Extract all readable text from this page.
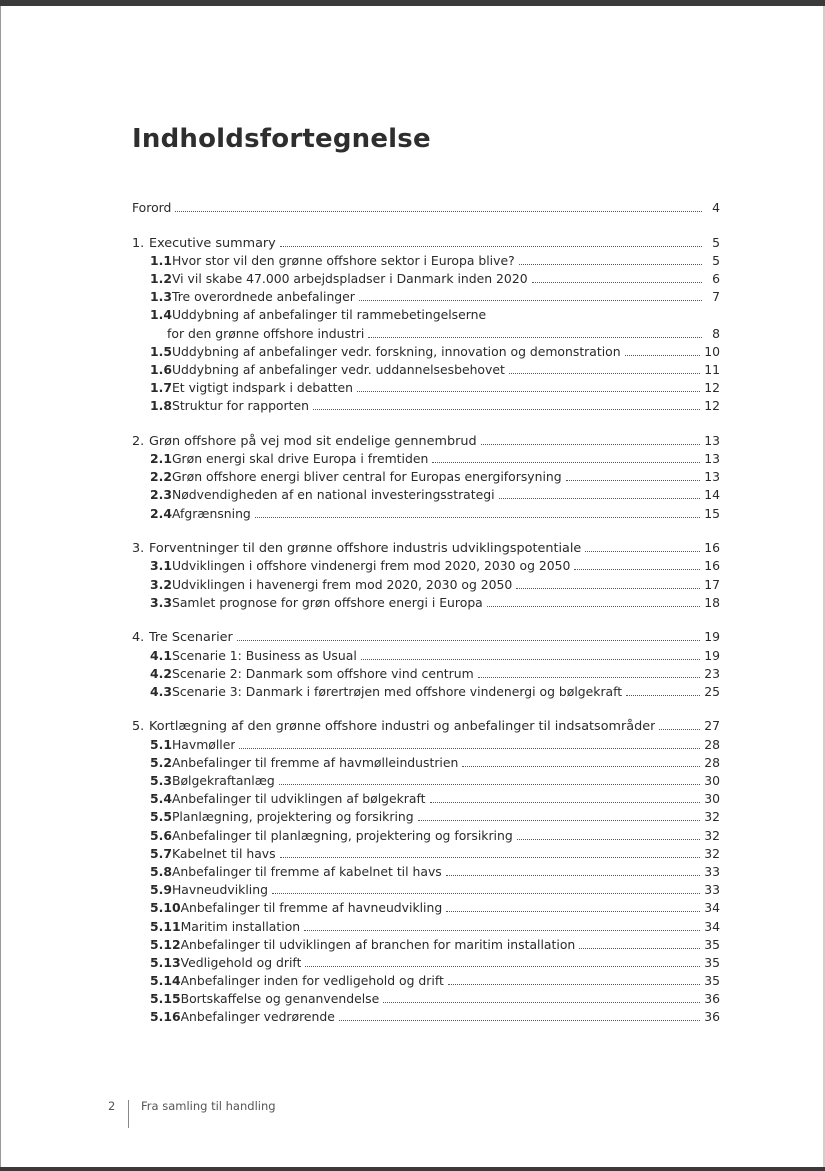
Indholdsfortegnelse
Forord	4
1. Executive summary	5
1.1 Hvor stor vil den grønne offshore sektor i Europa blive?	5
1.2 Vi vil skabe 47.000 arbejdspladser i Danmark inden 2020	6
1.3 Tre overordnede anbefalinger	7
1.4 Uddybning af anbefalinger til rammebetingelserne
for den grønne offshore industri	8
1.5 Uddybning af anbefalinger vedr. forskning, innovation og demonstration	10
1.6 Uddybning af anbefalinger vedr. uddannelsesbehovet	11
1.7 Et vigtigt indspark i debatten	12
1.8 Struktur for rapporten	12
2. Grøn offshore på vej mod sit endelige gennembrud	13
2.1 Grøn energi skal drive Europa i fremtiden	13
2.2 Grøn offshore energi bliver central for Europas energiforsyning	13
2.3 Nødvendigheden af en national investeringsstrategi	14
2.4 Afgrænsning	15
3. Forventninger til den grønne offshore industris udviklingspotentiale	16
3.1 Udviklingen i offshore vindenergi frem mod 2020, 2030 og 2050	16
3.2 Udviklingen i havenergi frem mod 2020, 2030 og 2050	17
3.3 Samlet prognose for grøn offshore energi i Europa	18
4. Tre Scenarier	19
4.1 Scenarie 1: Business as Usual	19
4.2 Scenarie 2: Danmark som offshore vind centrum	23
4.3 Scenarie 3: Danmark i førertrøjen med offshore vindenergi og bølgekraft	25
5. Kortlægning af den grønne offshore industri og anbefalinger til indsatsområder	27
5.1 Havmøller	28
5.2 Anbefalinger til fremme af havmølleindustrien	28
5.3 Bølgekraftanlæg	30
5.4 Anbefalinger til udviklingen af bølgekraft	30
5.5 Planlægning, projektering og forsikring	32
5.6 Anbefalinger til planlægning, projektering og forsikring	32
5.7 Kabelnet til havs	32
5.8 Anbefalinger til fremme af kabelnet til havs	33
5.9 Havneudvikling	33
5.10 Anbefalinger til fremme af havneudvikling	34
5.11 Maritim installation	34
5.12 Anbefalinger til udviklingen af branchen for maritim installation	35
5.13 Vedligehold og drift	35
5.14 Anbefalinger inden for vedligehold og drift	35
5.15 Bortskaffelse og genanvendelse	36
5.16 Anbefalinger vedrørende	36
2	Fra samling til handling
